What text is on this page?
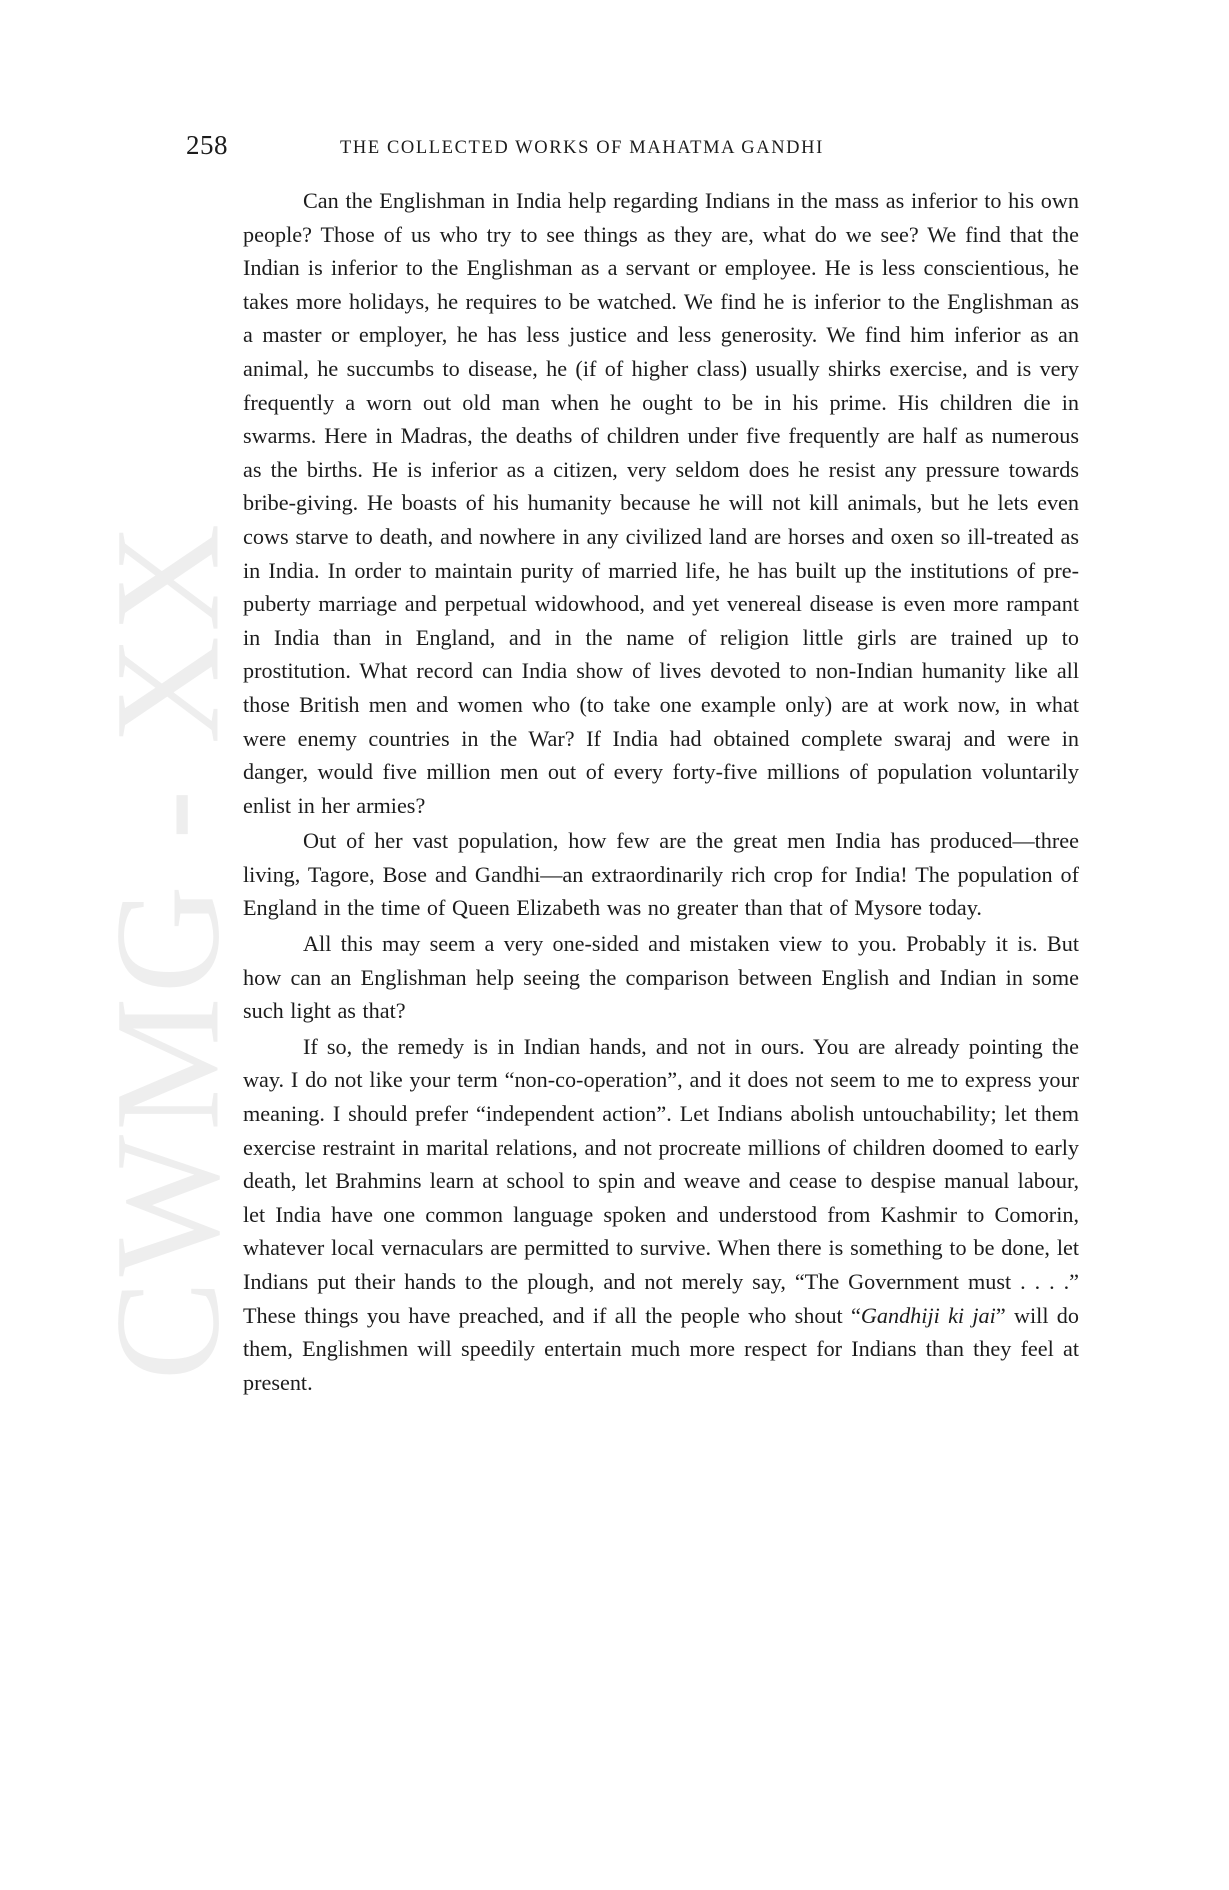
CWMG - XX
258	THE COLLECTED WORKS OF MAHATMA GANDHI

Can the Englishman in India help regarding Indians in the mass as inferior to his own people? Those of us who try to see things as they are, what do we see? We find that the Indian is inferior to the Englishman as a servant or employee. He is less conscientious, he takes more holidays, he requires to be watched. We find he is inferior to the Englishman as a master or employer, he has less justice and less generosity. We find him inferior as an animal, he succumbs to disease, he (if of higher class) usually shirks exercise, and is very frequently a worn out old man when he ought to be in his prime. His children die in swarms. Here in Madras, the deaths of children under five frequently are half as numerous as the births. He is inferior as a citizen, very seldom does he resist any pressure towards bribe-giving. He boasts of his humanity because he will not kill animals, but he lets even cows starve to death, and nowhere in any civilized land are horses and oxen so ill-treated as in India. In order to maintain purity of married life, he has built up the institutions of pre-puberty marriage and perpetual widowhood, and yet venereal disease is even more rampant in India than in England, and in the name of religion little girls are trained up to prostitution. What record can India show of lives devoted to non-Indian humanity like all those British men and women who (to take one example only) are at work now, in what were enemy countries in the War? If India had obtained complete swaraj and were in danger, would five million men out of every forty-five millions of population voluntarily enlist in her armies?

Out of her vast population, how few are the great men India has produced—three living, Tagore, Bose and Gandhi—an extraordinarily rich crop for India! The population of England in the time of Queen Elizabeth was no greater than that of Mysore today.

All this may seem a very one-sided and mistaken view to you. Probably it is. But how can an Englishman help seeing the comparison between English and Indian in some such light as that?

If so, the remedy is in Indian hands, and not in ours. You are already pointing the way. I do not like your term “non-co-operation”, and it does not seem to me to express your meaning. I should prefer “independent action”. Let Indians abolish untouchability; let them exercise restraint in marital relations, and not procreate millions of children doomed to early death, let Brahmins learn at school to spin and weave and cease to despise manual labour, let India have one common language spoken and understood from Kashmir to Comorin, whatever local vernaculars are permitted to survive. When there is something to be done, let Indians put their hands to the plough, and not merely say, “The Government must . . . .” These things you have preached, and if all the people who shout “Gandhiji ki jai” will do them, Englishmen will speedily entertain much more respect for Indians than they feel at present.
